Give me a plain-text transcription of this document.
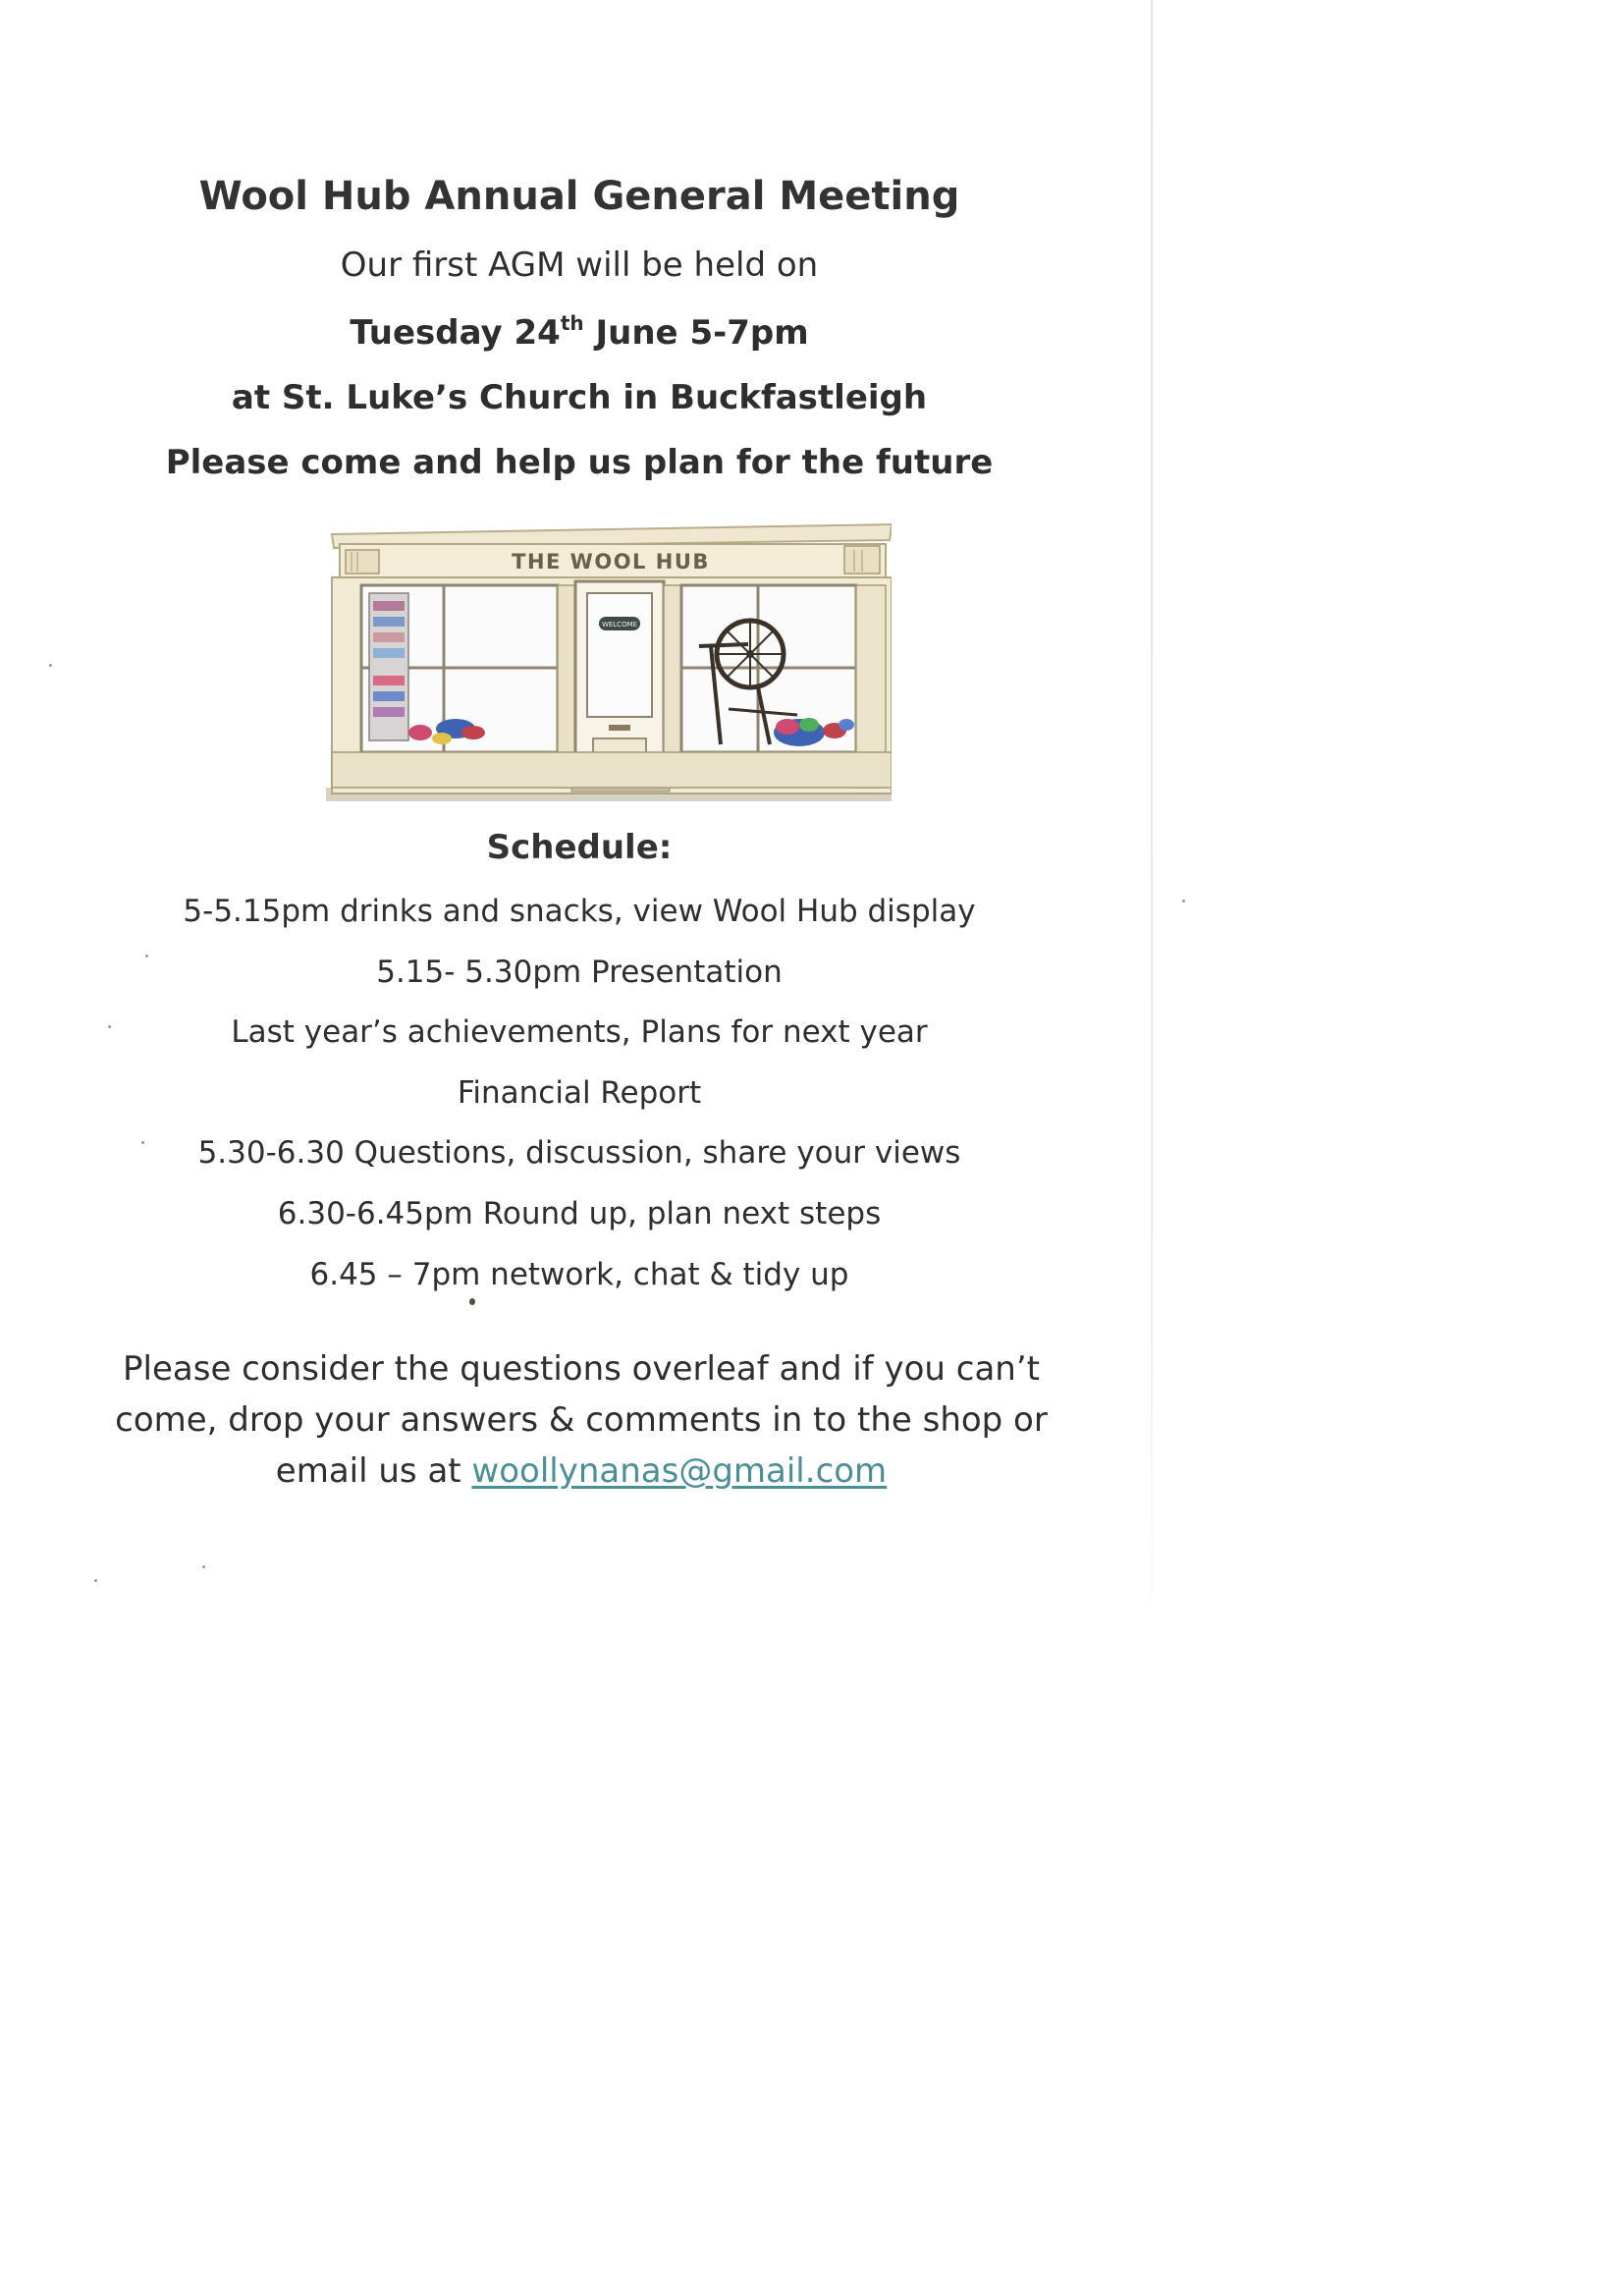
Wool Hub Annual General Meeting
Our first AGM will be held on
Tuesday 24th June 5-7pm
at St. Luke’s Church in Buckfastleigh
Please come and help us plan for the future
THE WOOL HUB
WELCOME
Schedule:
5-5.15pm drinks and snacks, view Wool Hub display
5.15- 5.30pm Presentation
Last year’s achievements, Plans for next year
Financial Report
5.30-6.30 Questions, discussion, share your views
6.30-6.45pm Round up, plan next steps
6.45 – 7pm network, chat & tidy up
Please consider the questions overleaf and if you can’t
come, drop your answers & comments in to the shop or
email us at woollynanas@gmail.com
